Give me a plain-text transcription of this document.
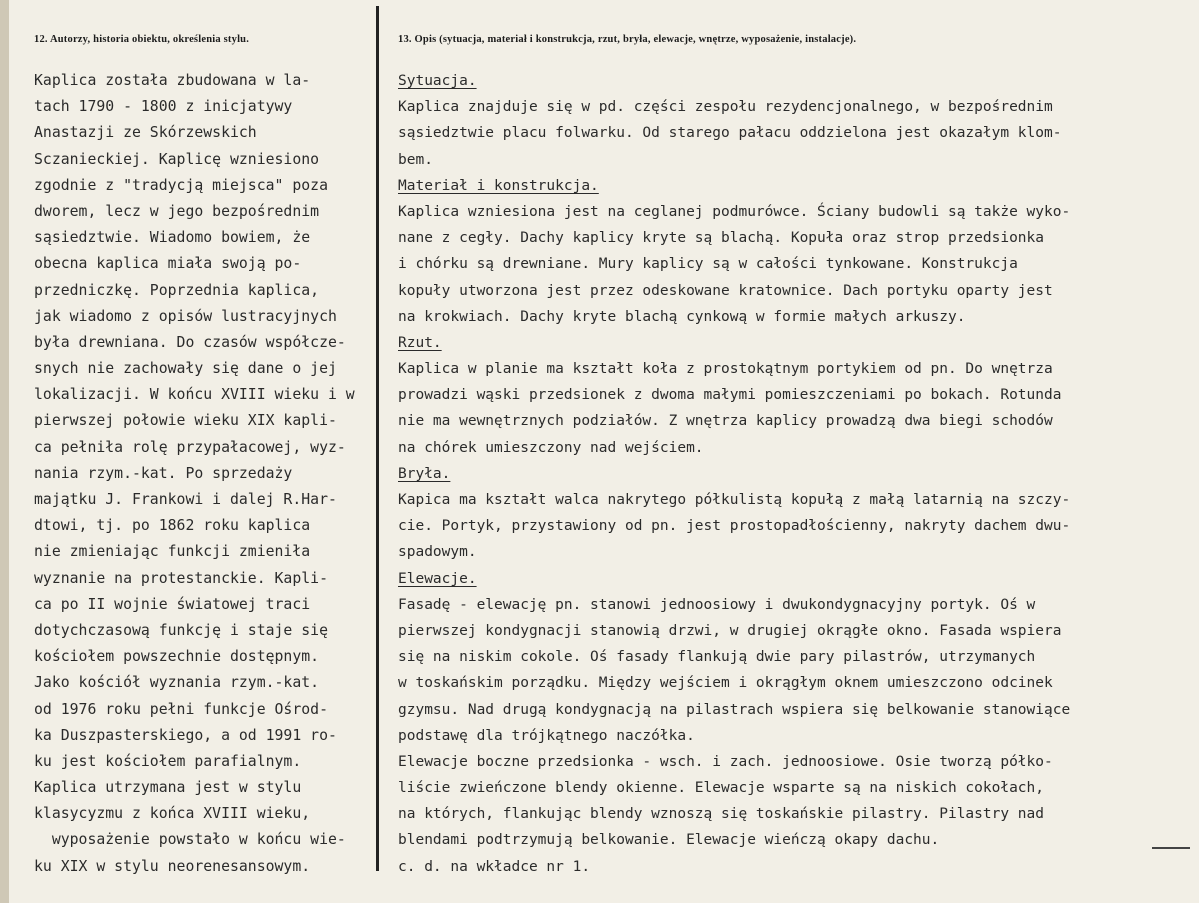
12. Autorzy, historia obiektu, określenia stylu.	13. Opis (sytuacja, materiał i konstrukcja, rzut, bryła, elewacje, wnętrze, wyposażenie, instalacje).
Kaplica została zbudowana w la-
tach 1790 - 1800 z inicjatywy
Anastazji ze Skórzewskich
Sczanieckiej. Kaplicę wzniesiono
zgodnie z "tradycją miejsca" poza
dworem, lecz w jego bezpośrednim
sąsiedztwie. Wiadomo bowiem, że
obecna kaplica miała swoją po-
przedniczkę. Poprzednia kaplica,
jak wiadomo z opisów lustracyjnych
była drewniana. Do czasów współcze-
snych nie zachowały się dane o jej
lokalizacji. W końcu XVIII wieku i w
pierwszej połowie wieku XIX kapli-
ca pełniła rolę przypałacowej, wyz-
nania rzym.-kat. Po sprzedaży
majątku J. Frankowi i dalej R.Har-
dtowi, tj. po 1862 roku kaplica
nie zmieniając funkcji zmieniła
wyznanie na protestanckie. Kapli-
ca po II wojnie światowej traci
dotychczasową funkcję i staje się
kościołem powszechnie dostępnym.
Jako kościół wyznania rzym.-kat.
od 1976 roku pełni funkcje Ośrod-
ka Duszpasterskiego, a od 1991 ro-
ku jest kościołem parafialnym.
Kaplica utrzymana jest w stylu
klasycyzmu z końca XVIII wieku,
wyposażenie powstało w końcu wie-
ku XIX w stylu neorenesansowym.
Sytuacja.
Kaplica znajduje się w pd. części zespołu rezydencjonalnego, w bezpośrednim
sąsiedztwie placu folwarku. Od starego pałacu oddzielona jest okazałym klom-
bem.
Materiał i konstrukcja.
Kaplica wzniesiona jest na ceglanej podmurówce. Ściany budowli są także wyko-
nane z cegły. Dachy kaplicy kryte są blachą. Kopuła oraz strop przedsionka
i chórku są drewniane. Mury kaplicy są w całości tynkowane. Konstrukcja
kopuły utworzona jest przez odeskowane kratownice. Dach portyku oparty jest
na krokwiach. Dachy kryte blachą cynkową w formie małych arkuszy.
Rzut.
Kaplica w planie ma kształt koła z prostokątnym portykiem od pn. Do wnętrza
prowadzi wąski przedsionek z dwoma małymi pomieszczeniami po bokach. Rotunda
nie ma wewnętrznych podziałów. Z wnętrza kaplicy prowadzą dwa biegi schodów
na chórek umieszczony nad wejściem.
Bryła.
Kapica ma kształt walca nakrytego półkulistą kopułą z małą latarnią na szczy-
cie. Portyk, przystawiony od pn. jest prostopadłościenny, nakryty dachem dwu-
spadowym.
Elewacje.
Fasadę - elewację pn. stanowi jednoosiowy i dwukondygnacyjny portyk. Oś w
pierwszej kondygnacji stanowią drzwi, w drugiej okrągłe okno. Fasada wspiera
się na niskim cokole. Oś fasady flankują dwie pary pilastrów, utrzymanych
w toskańskim porządku. Między wejściem i okrągłym oknem umieszczono odcinek
gzymsu. Nad drugą kondygnacją na pilastrach wspiera się belkowanie stanowiące
podstawę dla trójkątnego naczółka.
Elewacje boczne przedsionka - wsch. i zach. jednoosiowe. Osie tworzą półko-
liście zwieńczone blendy okienne. Elewacje wsparte są na niskich cokołach,
na których, flankując blendy wznoszą się toskańskie pilastry. Pilastry nad
blendami podtrzymują belkowanie. Elewacje wieńczą okapy dachu.
c. d. na wkładce nr 1.
